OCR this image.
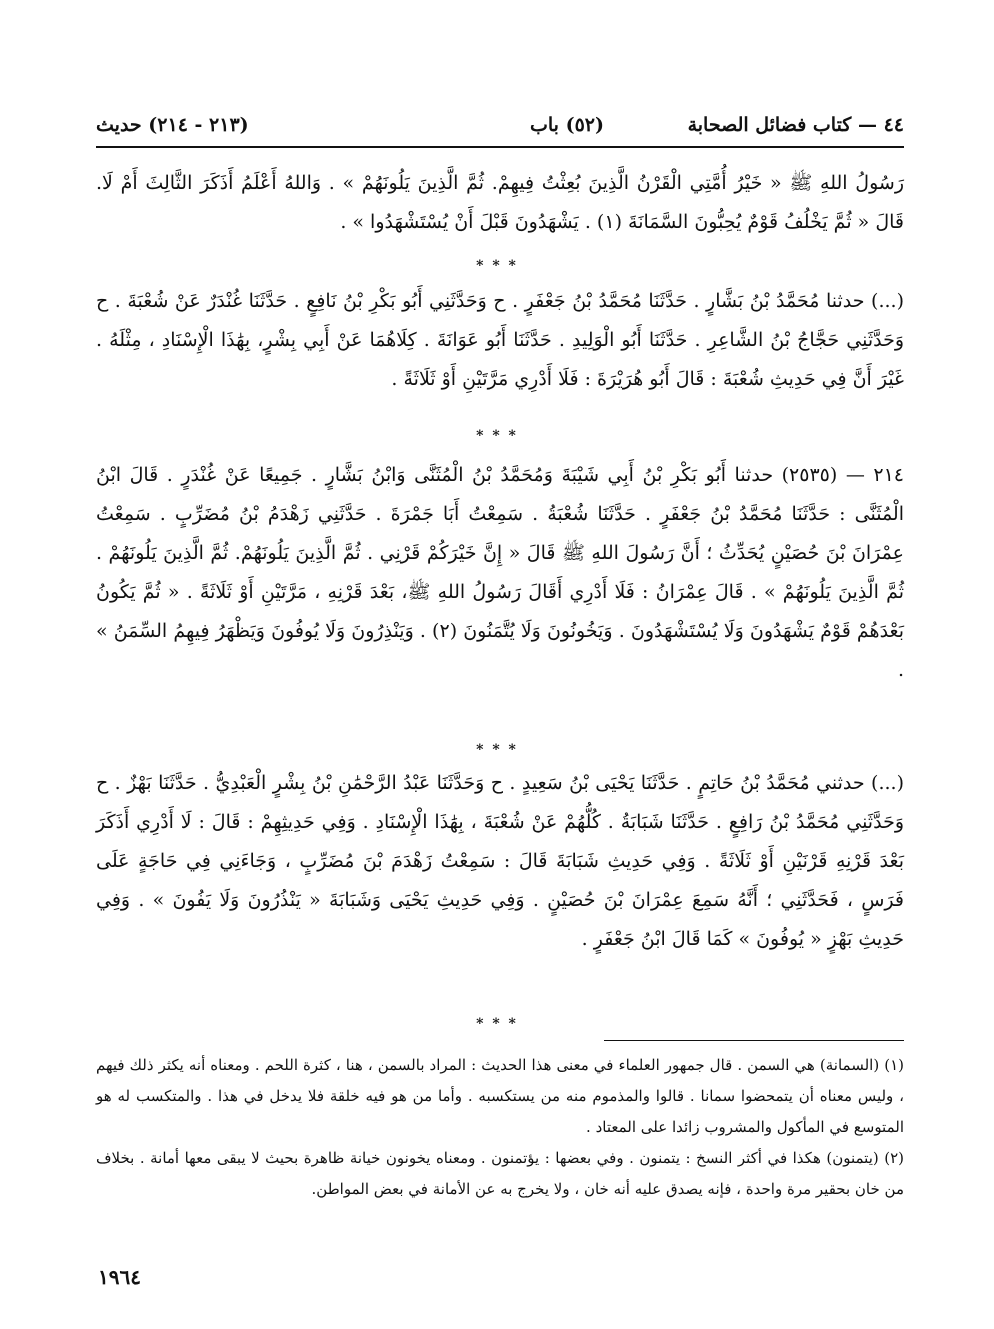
٤٤ — كتاب فضائل الصحابة
(٥٢) باب
(٢١٣ - ٢١٤) حديث

رَسُولُ اللهِ ﷺ « خَيْرُ أُمَّتِي الْقَرْنُ الَّذِينَ بُعِثْتُ فِيهِمْ. ثُمَّ الَّذِينَ يَلُونَهُمْ » . وَاللهُ أَعْلَمُ أَذَكَرَ الثَّالِثَ أَمْ لَا. قَالَ « ثُمَّ يَخْلُفُ قَوْمٌ يُحِبُّونَ السَّمَانَةَ (١) . يَشْهَدُونَ قَبْلَ أَنْ يُسْتَشْهَدُوا » .

* * *

(...) حدثنا مُحَمَّدُ بْنُ بَشَّارٍ . حَدَّثَنَا مُحَمَّدُ بْنُ جَعْفَرٍ . ح وَحَدَّثَنِي أَبُو بَكْرِ بْنُ نَافِعٍ . حَدَّثَنَا غُنْدَرٌ عَنْ شُعْبَةَ . ح وَحَدَّثَنِي حَجَّاجُ بْنُ الشَّاعِرِ . حَدَّثَنَا أَبُو الْوَلِيدِ . حَدَّثَنَا أَبُو عَوَانَةَ . كِلَاهُمَا عَنْ أَبِي بِشْرٍ، بِهَٰذَا الْإِسْنَادِ ، مِثْلَهُ . غَيْرَ أَنَّ فِي حَدِيثِ شُعْبَةَ : قَالَ أَبُو هُرَيْرَةَ : فَلَا أَدْرِي مَرَّتَيْنِ أَوْ ثَلَاثَةً .

* * *

٢١٤ — (٢٥٣٥) حدثنا أَبُو بَكْرِ بْنُ أَبِي شَيْبَةَ وَمُحَمَّدُ بْنُ الْمُثَنَّى وَابْنُ بَشَّارٍ . جَمِيعًا عَنْ غُنْدَرٍ . قَالَ ابْنُ الْمُثَنَّى : حَدَّثَنَا مُحَمَّدُ بْنُ جَعْفَرٍ . حَدَّثَنَا شُعْبَةُ . سَمِعْتُ أَبَا جَمْرَةَ . حَدَّثَنِي زَهْدَمُ بْنُ مُضَرِّبٍ . سَمِعْتُ عِمْرَانَ بْنَ حُصَيْنٍ يُحَدِّثُ ؛ أَنَّ رَسُولَ اللهِ ﷺ قَالَ « إِنَّ خَيْرَكُمْ قَرْنِي . ثُمَّ الَّذِينَ يَلُونَهُمْ. ثُمَّ الَّذِينَ يَلُونَهُمْ . ثُمَّ الَّذِينَ يَلُونَهُمْ » . قَالَ عِمْرَانُ : فَلَا أَدْرِي أَقَالَ رَسُولُ اللهِ ﷺ، بَعْدَ قَرْنِهِ ، مَرَّتَيْنِ أَوْ ثَلَاثَةً . « ثُمَّ يَكُونُ بَعْدَهُمْ قَوْمٌ يَشْهَدُونَ وَلَا يُسْتَشْهَدُونَ . وَيَخُونُونَ وَلَا يُتَّمَنُونَ (٢) . وَيَنْذِرُونَ وَلَا يُوفُونَ وَيَظْهَرُ فِيهِمُ السِّمَنُ » .

* * *

(...) حدثني مُحَمَّدُ بْنُ حَاتِمٍ . حَدَّثَنَا يَحْيَى بْنُ سَعِيدٍ . ح وَحَدَّثَنَا عَبْدُ الرَّحْمَٰنِ بْنُ بِشْرٍ الْعَبْدِيُّ . حَدَّثَنَا بَهْزٌ . ح وَحَدَّثَنِي مُحَمَّدُ بْنُ رَافِعٍ . حَدَّثَنَا شَبَابَةُ . كُلُّهُمْ عَنْ شُعْبَةَ ، بِهَٰذَا الْإِسْنَادِ . وَفِي حَدِيثِهِمْ : قَالَ : لَا أَدْرِي أَذَكَرَ بَعْدَ قَرْنِهِ قَرْنَيْنِ أَوْ ثَلَاثَةً . وَفِي حَدِيثِ شَبَابَةَ قَالَ : سَمِعْتُ زَهْدَمَ بْنَ مُضَرِّبٍ ، وَجَاءَنِي فِي حَاجَةٍ عَلَى فَرَسٍ ، فَحَدَّثَنِي ؛ أَنَّهُ سَمِعَ عِمْرَانَ بْنَ حُصَيْنٍ . وَفِي حَدِيثِ يَحْيَى وَشَبَابَةَ « يَنْذُرُونَ وَلَا يَفُونَ » . وَفِي حَدِيثِ بَهْزٍ « يُوفُونَ » كَمَا قَالَ ابْنُ جَعْفَرٍ .

* * *

(١) (السمانة) هي السمن . قال جمهور العلماء في معنى هذا الحديث : المراد بالسمن ، هنا ، كثرة اللحم . ومعناه أنه يكثر ذلك فيهم ، وليس معناه أن يتمحضوا سمانا . قالوا والمذموم منه من يستكسبه . وأما من هو فيه خلقة فلا يدخل في هذا . والمتكسب له هو المتوسع في المأكول والمشروب زائدا على المعتاد .

(٢) (يتمنون) هكذا في أكثر النسخ : يتمنون . وفي بعضها : يؤتمنون . ومعناه يخونون خيانة ظاهرة بحيث لا يبقى معها أمانة . بخلاف من خان بحقير مرة واحدة ، فإنه يصدق عليه أنه خان ، ولا يخرج به عن الأمانة في بعض المواطن.

١٩٦٤
